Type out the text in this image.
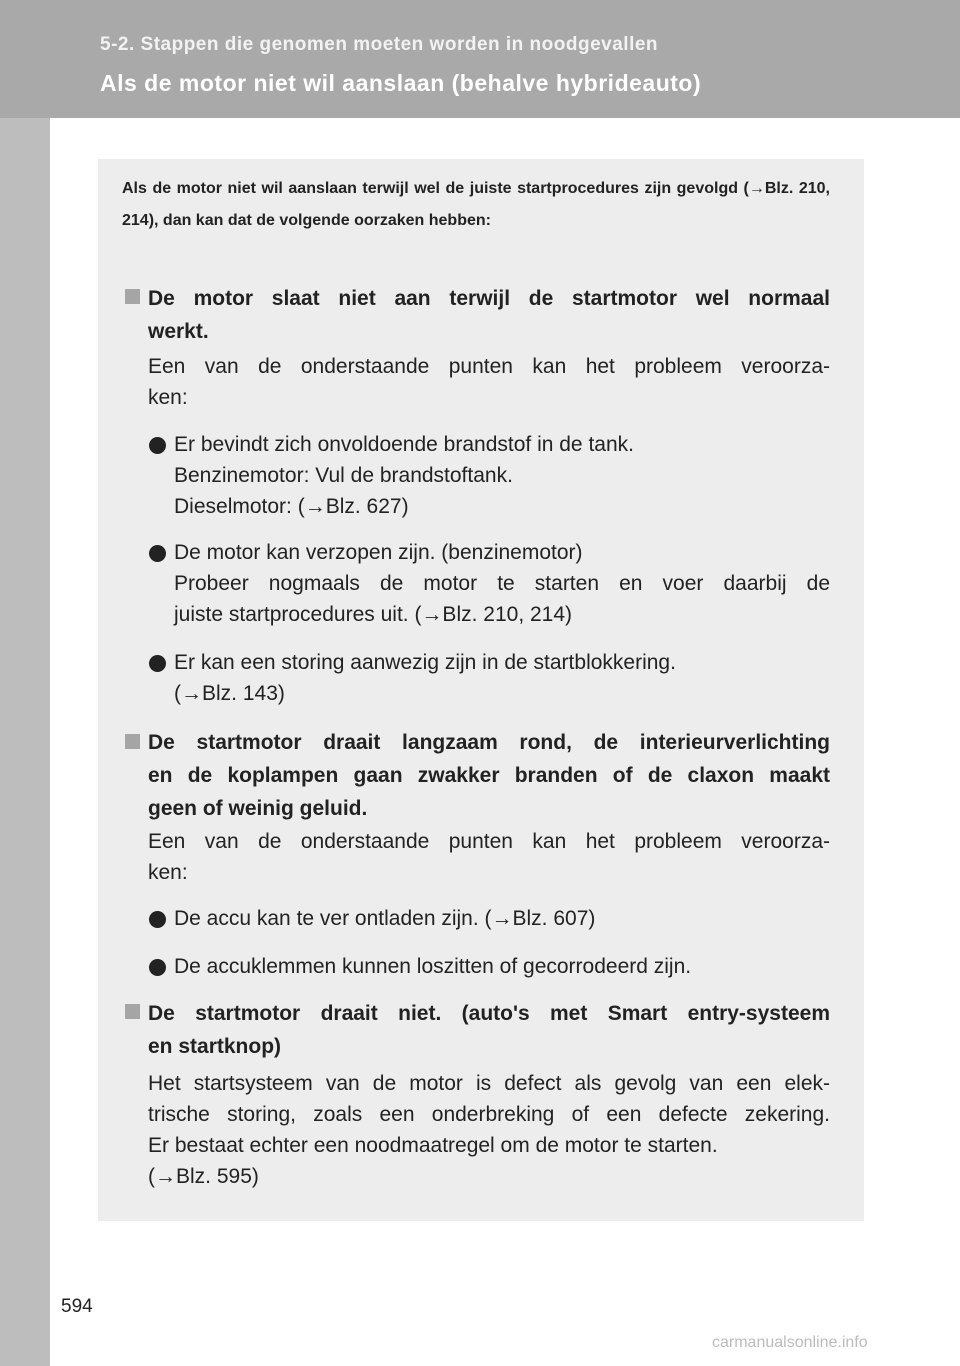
5-2. Stappen die genomen moeten worden in noodgevallen
Als de motor niet wil aanslaan (behalve hybrideauto)
Als de motor niet wil aanslaan terwijl wel de juiste startprocedures zijn gevolgd (→Blz. 210, 214), dan kan dat de volgende oorzaken hebben:
De motor slaat niet aan terwijl de startmotor wel normaal
werkt.
Een van de onderstaande punten kan het probleem veroorza-
ken:
Er bevindt zich onvoldoende brandstof in de tank.
Benzinemotor: Vul de brandstoftank.
Dieselmotor: (→Blz. 627)
De motor kan verzopen zijn. (benzinemotor)
Probeer nogmaals de motor te starten en voer daarbij de
juiste startprocedures uit. (→Blz. 210, 214)
Er kan een storing aanwezig zijn in de startblokkering.
(→Blz. 143)
De startmotor draait langzaam rond, de interieurverlichting
en de koplampen gaan zwakker branden of de claxon maakt
geen of weinig geluid.
Een van de onderstaande punten kan het probleem veroorza-
ken:
De accu kan te ver ontladen zijn. (→Blz. 607)
De accuklemmen kunnen loszitten of gecorrodeerd zijn.
De startmotor draait niet. (auto's met Smart entry-systeem
en startknop)
Het startsysteem van de motor is defect als gevolg van een elek-
trische storing, zoals een onderbreking of een defecte zekering.
Er bestaat echter een noodmaatregel om de motor te starten.
(→Blz. 595)
594
carmanualsonline.info
